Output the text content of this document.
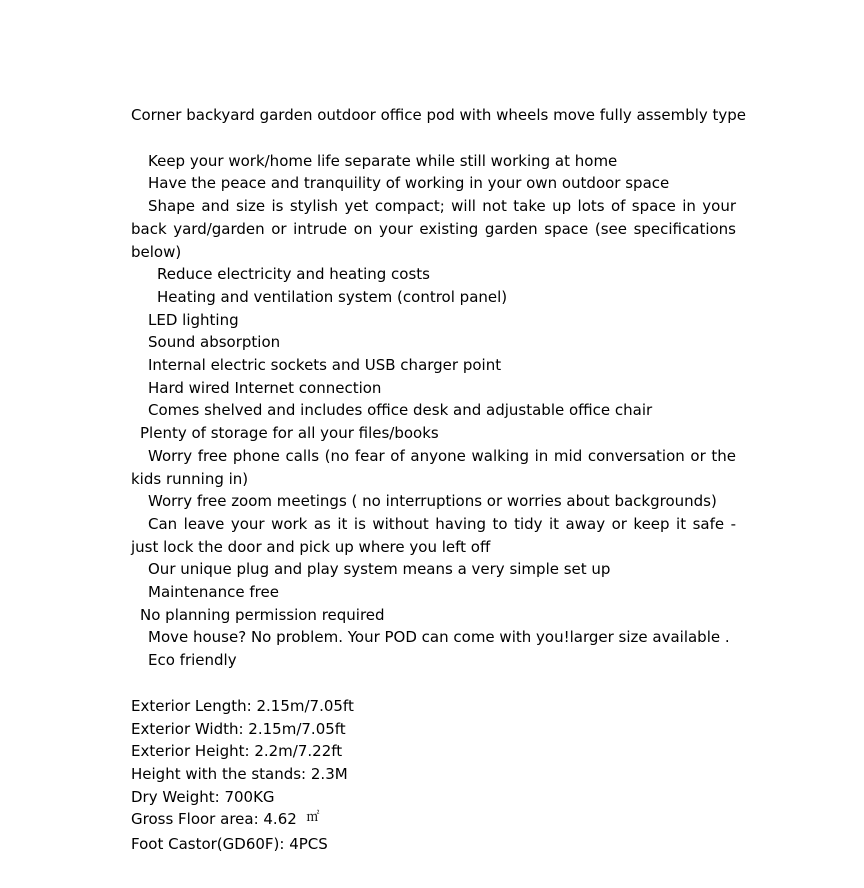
Corner backyard garden outdoor office pod with wheels move fully assembly type

Keep your work/home life separate while still working at home
Have the peace and tranquility of working in your own outdoor space
Shape and size is stylish yet compact; will not take up lots of space in your back yard/garden or intrude on your existing garden space (see specifications below)
Reduce electricity and heating costs
Heating and ventilation system (control panel)
LED lighting
Sound absorption
Internal electric sockets and USB charger point
Hard wired Internet connection
Comes shelved and includes office desk and adjustable office chair
Plenty of storage for all your files/books
Worry free phone calls (no fear of anyone walking in mid conversation or the kids running in)
Worry free zoom meetings ( no interruptions or worries about backgrounds)
Can leave your work as it is without having to tidy it away or keep it safe - just lock the door and pick up where you left off
Our unique plug and play system means a very simple set up
Maintenance free
No planning permission required
Move house? No problem. Your POD can come with you!larger size available .
Eco friendly
Exterior Length: 2.15m/7.05ft
Exterior Width: 2.15m/7.05ft
Exterior Height: 2.2m/7.22ft
Height with the stands: 2.3M
Dry Weight: 700KG
Gross Floor area: 4.62 ㎡
Foot Castor(GD60F): 4PCS
